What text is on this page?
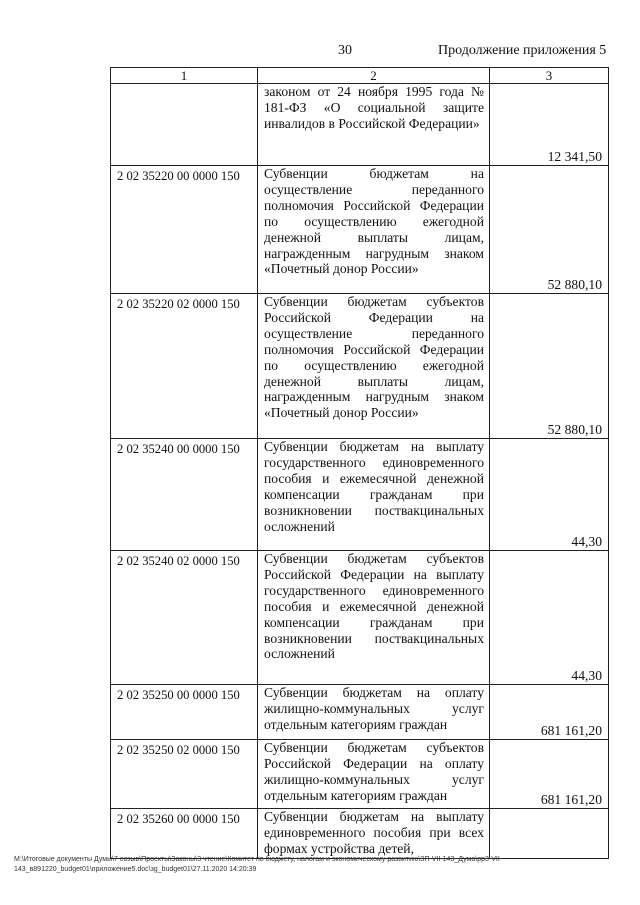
30	Продолжение приложения 5
1	2	3
	законом от 24 ноября 1995 года № 181-ФЗ «О социальной защите инвалидов в Российской Федерации»	12 341,50
2 02 35220 00 0000 150	Субвенции бюджетам на осуществление переданного полномочия Российской Федерации по осуществлению ежегодной денежной выплаты лицам, награжденным нагрудным знаком «Почетный донор России»	52 880,10
2 02 35220 02 0000 150	Субвенции бюджетам субъектов Российской Федерации на осуществление переданного полномочия Российской Федерации по осуществлению ежегодной денежной выплаты лицам, награжденным нагрудным знаком «Почетный донор России»	52 880,10
2 02 35240 00 0000 150	Субвенции бюджетам на выплату государственного единовременного пособия и ежемесячной денежной компенсации гражданам при возникновении поствакцинальных осложнений	44,30
2 02 35240 02 0000 150	Субвенции бюджетам субъектов Российской Федерации на выплату государственного единовременного пособия и ежемесячной денежной компенсации гражданам при возникновении поствакцинальных осложнений	44,30
2 02 35250 00 0000 150	Субвенции бюджетам на оплату жилищно-коммунальных услуг отдельным категориям граждан	681 161,20
2 02 35250 02 0000 150	Субвенции бюджетам субъектов Российской Федерации на оплату жилищно-коммунальных услуг отдельным категориям граждан	681 161,20
2 02 35260 00 0000 150	Субвенции бюджетам на выплату единовременного пособия при всех формах устройства детей,	
M:\Итоговые документы Думы\7 созыв\Проекты\Законы\3 чтение\Комитет по бюджету, налогам и экономическому развитию\ЗП-VII-143_Дума\рр3-VII-143_в891220_budget01\приложение5.doc\зg_budget01\27.11.2020 14:20:39
